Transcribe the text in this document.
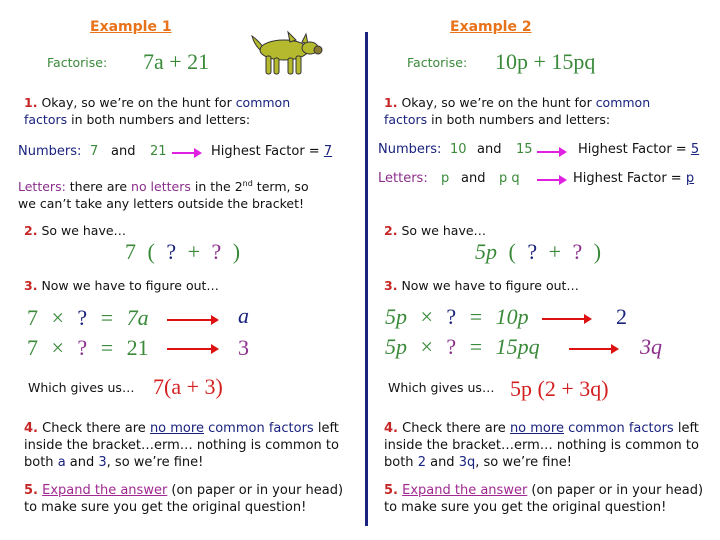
Example 1
Factorise: 7a + 21
1. Okay, so we’re on the hunt for common
factors in both numbers and letters:
Numbers: 7 and 21	Highest Factor = 7
Letters: there are no letters in the 2nd term, so
we can’t take any letters outside the bracket!
2. So we have…
7 ( ? + ? )
3. Now we have to figure out…
7 × ? = 7a	a
7 × ? = 21	3
Which gives us… 7(a + 3)
4. Check there are no more common factors left
inside the bracket…erm… nothing is common to
both a and 3, so we’re fine!
5. Expand the answer (on paper or in your head)
to make sure you get the original question!
Example 2
Factorise: 10p + 15pq
1. Okay, so we’re on the hunt for common
factors in both numbers and letters:
Numbers: 10 and 15	Highest Factor = 5
Letters: p and p q	Highest Factor = p
2. So we have…
5p ( ? + ? )
3. Now we have to figure out…
5p × ? = 10p	2
5p × ? = 15pq	3q
Which gives us… 5p (2 + 3q)
4. Check there are no more common factors left
inside the bracket…erm… nothing is common to
both 2 and 3q, so we’re fine!
5. Expand the answer (on paper or in your head)
to make sure you get the original question!
